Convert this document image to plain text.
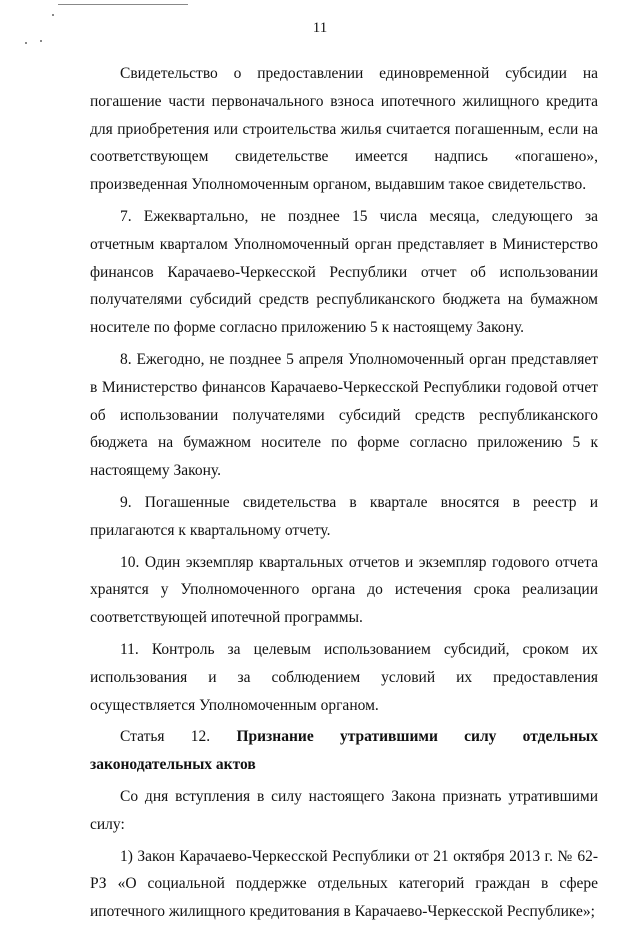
11

Свидетельство о предоставлении единовременной субсидии на погашение части первоначального взноса ипотечного жилищного кредита для приобретения или строительства жилья считается погашенным, если на соответствующем свидетельстве имеется надпись «погашено», произведенная Уполномоченным органом, выдавшим такое свидетельство.

7. Ежеквартально, не позднее 15 числа месяца, следующего за отчетным кварталом Уполномоченный орган представляет в Министерство финансов Карачаево-Черкесской Республики отчет об использовании получателями субсидий средств республиканского бюджета на бумажном носителе по форме согласно приложению 5 к настоящему Закону.

8. Ежегодно, не позднее 5 апреля Уполномоченный орган представляет в Министерство финансов Карачаево-Черкесской Республики годовой отчет об использовании получателями субсидий средств республиканского бюджета на бумажном носителе по форме согласно приложению 5 к настоящему Закону.

9. Погашенные свидетельства в квартале вносятся в реестр и прилагаются к квартальному отчету.

10. Один экземпляр квартальных отчетов и экземпляр годового отчета хранятся у Уполномоченного органа до истечения срока реализации соответствующей ипотечной программы.

11. Контроль за целевым использованием субсидий, сроком их использования и за соблюдением условий их предоставления осуществляется Уполномоченным органом.

Статья 12. Признание утратившими силу отдельных законодательных актов

Со дня вступления в силу настоящего Закона признать утратившими силу:

1) Закон Карачаево-Черкесской Республики от 21 октября 2013 г. № 62-РЗ «О социальной поддержке отдельных категорий граждан в сфере ипотечного жилищного кредитования в Карачаево-Черкесской Республике»;
